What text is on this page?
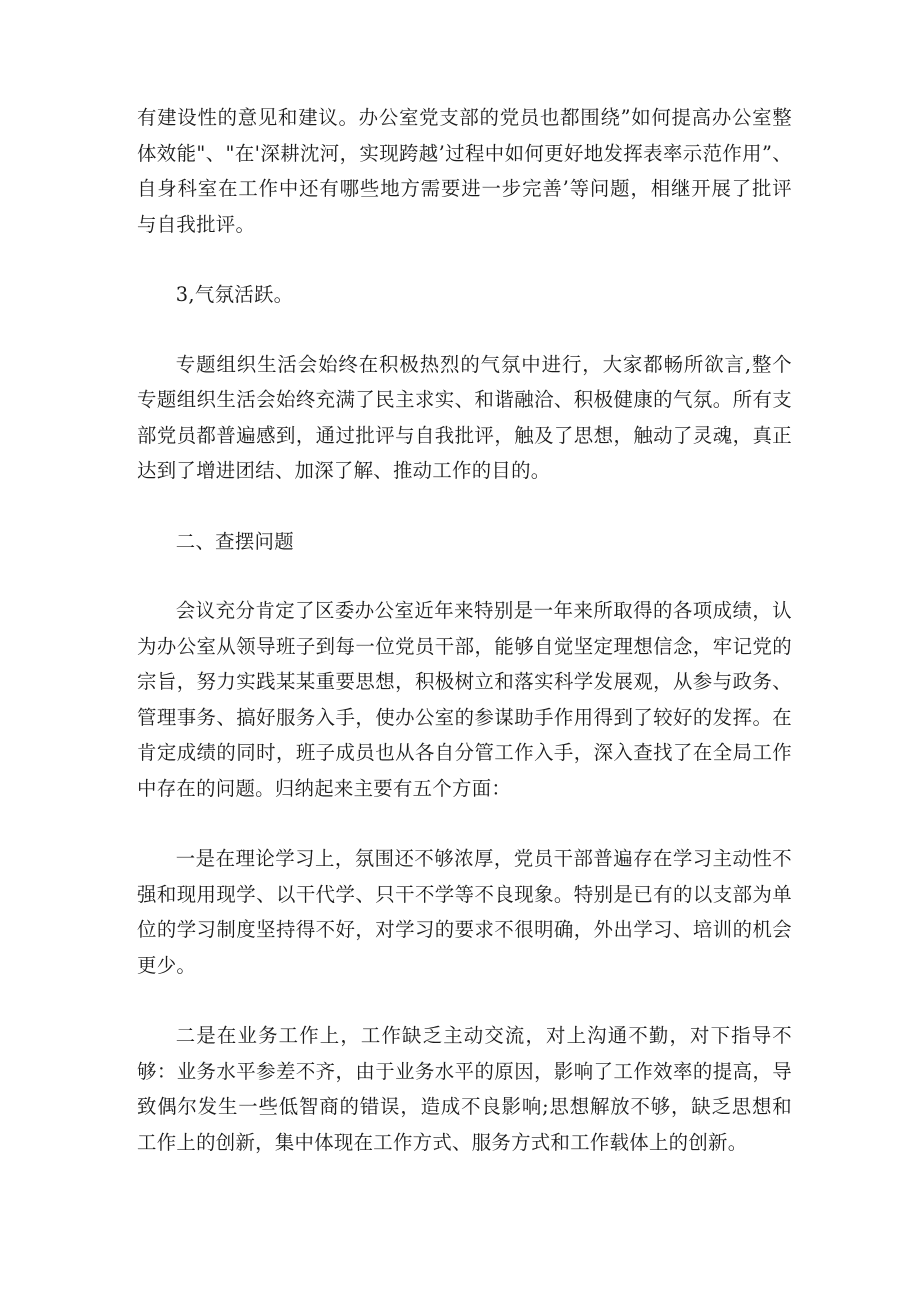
有建设性的意见和建议。办公室党支部的党员也都围绕”如何提高办公室整体效能"、"在'深耕沈河，实现跨越’过程中如何更好地发挥表率示范作用”、自身科室在工作中还有哪些地方需要进一步完善’等问题，相继开展了批评与自我批评。

3,气氛活跃。

专题组织生活会始终在积极热烈的气氛中进行，大家都畅所欲言,整个专题组织生活会始终充满了民主求实、和谐融洽、积极健康的气氛。所有支部党员都普遍感到，通过批评与自我批评，触及了思想，触动了灵魂，真正达到了增进团结、加深了解、推动工作的目的。

二、查摆问题

会议充分肯定了区委办公室近年来特别是一年来所取得的各项成绩，认为办公室从领导班子到每一位党员干部，能够自觉坚定理想信念，牢记党的宗旨，努力实践某某重要思想，积极树立和落实科学发展观，从参与政务、管理事务、搞好服务入手，使办公室的参谋助手作用得到了较好的发挥。在肯定成绩的同时，班子成员也从各自分管工作入手，深入查找了在全局工作中存在的问题。归纳起来主要有五个方面：

一是在理论学习上，氛围还不够浓厚，党员干部普遍存在学习主动性不强和现用现学、以干代学、只干不学等不良现象。特别是已有的以支部为单位的学习制度坚持得不好，对学习的要求不很明确，外出学习、培训的机会更少。

二是在业务工作上，工作缺乏主动交流，对上沟通不勤，对下指导不够：业务水平参差不齐，由于业务水平的原因，影响了工作效率的提高，导致偶尔发生一些低智商的错误，造成不良影响;思想解放不够，缺乏思想和工作上的创新，集中体现在工作方式、服务方式和工作载体上的创新。
